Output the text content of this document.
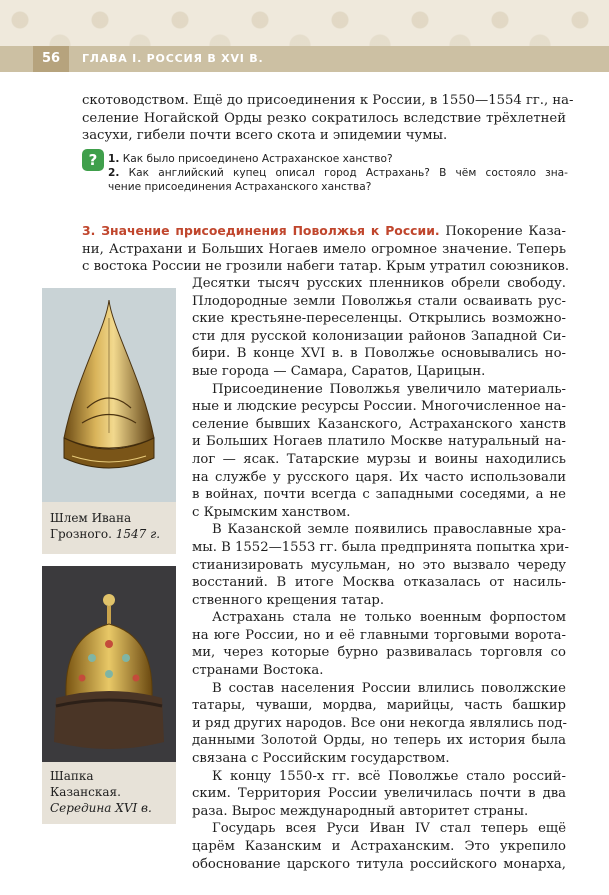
56	ГЛАВА I. РОССИЯ В XVI В.
скотоводством. Ещё до присоединения к России, в 1550—1554 гг., на-
селение Ногайской Орды резко сократилось вследствие трёхлетней
засухи, гибели почти всего скота и эпидемии чумы.
?	1. Как было присоединено Астраханское ханство?
2. Как английский купец описал город Астрахань? В чём состояло зна-
чение присоединения Астраханского ханства?
3. Значение присоединения Поволжья к России. Покорение Каза-
ни, Астрахани и Больших Ногаев имело огромное значение. Теперь
с востока России не грозили набеги татар. Крым утратил союзников.
Десятки тысяч русских пленников обрели свободу.
Плодородные земли Поволжья стали осваивать рус-
ские крестьяне-переселенцы. Открылись возможно-
сти для русской колонизации районов Западной Си-
бири. В конце XVI в. в Поволжье основывались но-
вые города — Самара, Саратов, Царицын.
Присоединение Поволжья увеличило материаль-
ные и людские ресурсы России. Многочисленное на-
селение бывших Казанского, Астраханского ханств
и Больших Ногаев платило Москве натуральный на-
лог — ясак. Татарские мурзы и воины находились
на службе у русского царя. Их часто использовали
в войнах, почти всегда с западными соседями, а не
с Крымским ханством.
В Казанской земле появились православные хра-
мы. В 1552—1553 гг. была предпринята попытка хри-
стианизировать мусульман, но это вызвало череду
восстаний. В итоге Москва отказалась от насиль-
ственного крещения татар.
Астрахань стала не только военным форпостом
на юге России, но и её главными торговыми ворота-
ми, через которые бурно развивалась торговля со
странами Востока.
В состав населения России влились поволжские
татары, чуваши, мордва, марийцы, часть башкир
и ряд других народов. Все они некогда являлись под-
данными Золотой Орды, но теперь их история была
связана с Российским государством.
К концу 1550-х гг. всё Поволжье стало россий-
ским. Территория России увеличилась почти в два
раза. Вырос международный авторитет страны.
Государь всея Руси Иван IV стал теперь ещё
царём Казанским и Астраханским. Это укрепило
обоснование царского титула российского монарха,
Шлем Ивана
Грозного. 1547 г.
Шапка
Казанская.
Середина XVI в.
